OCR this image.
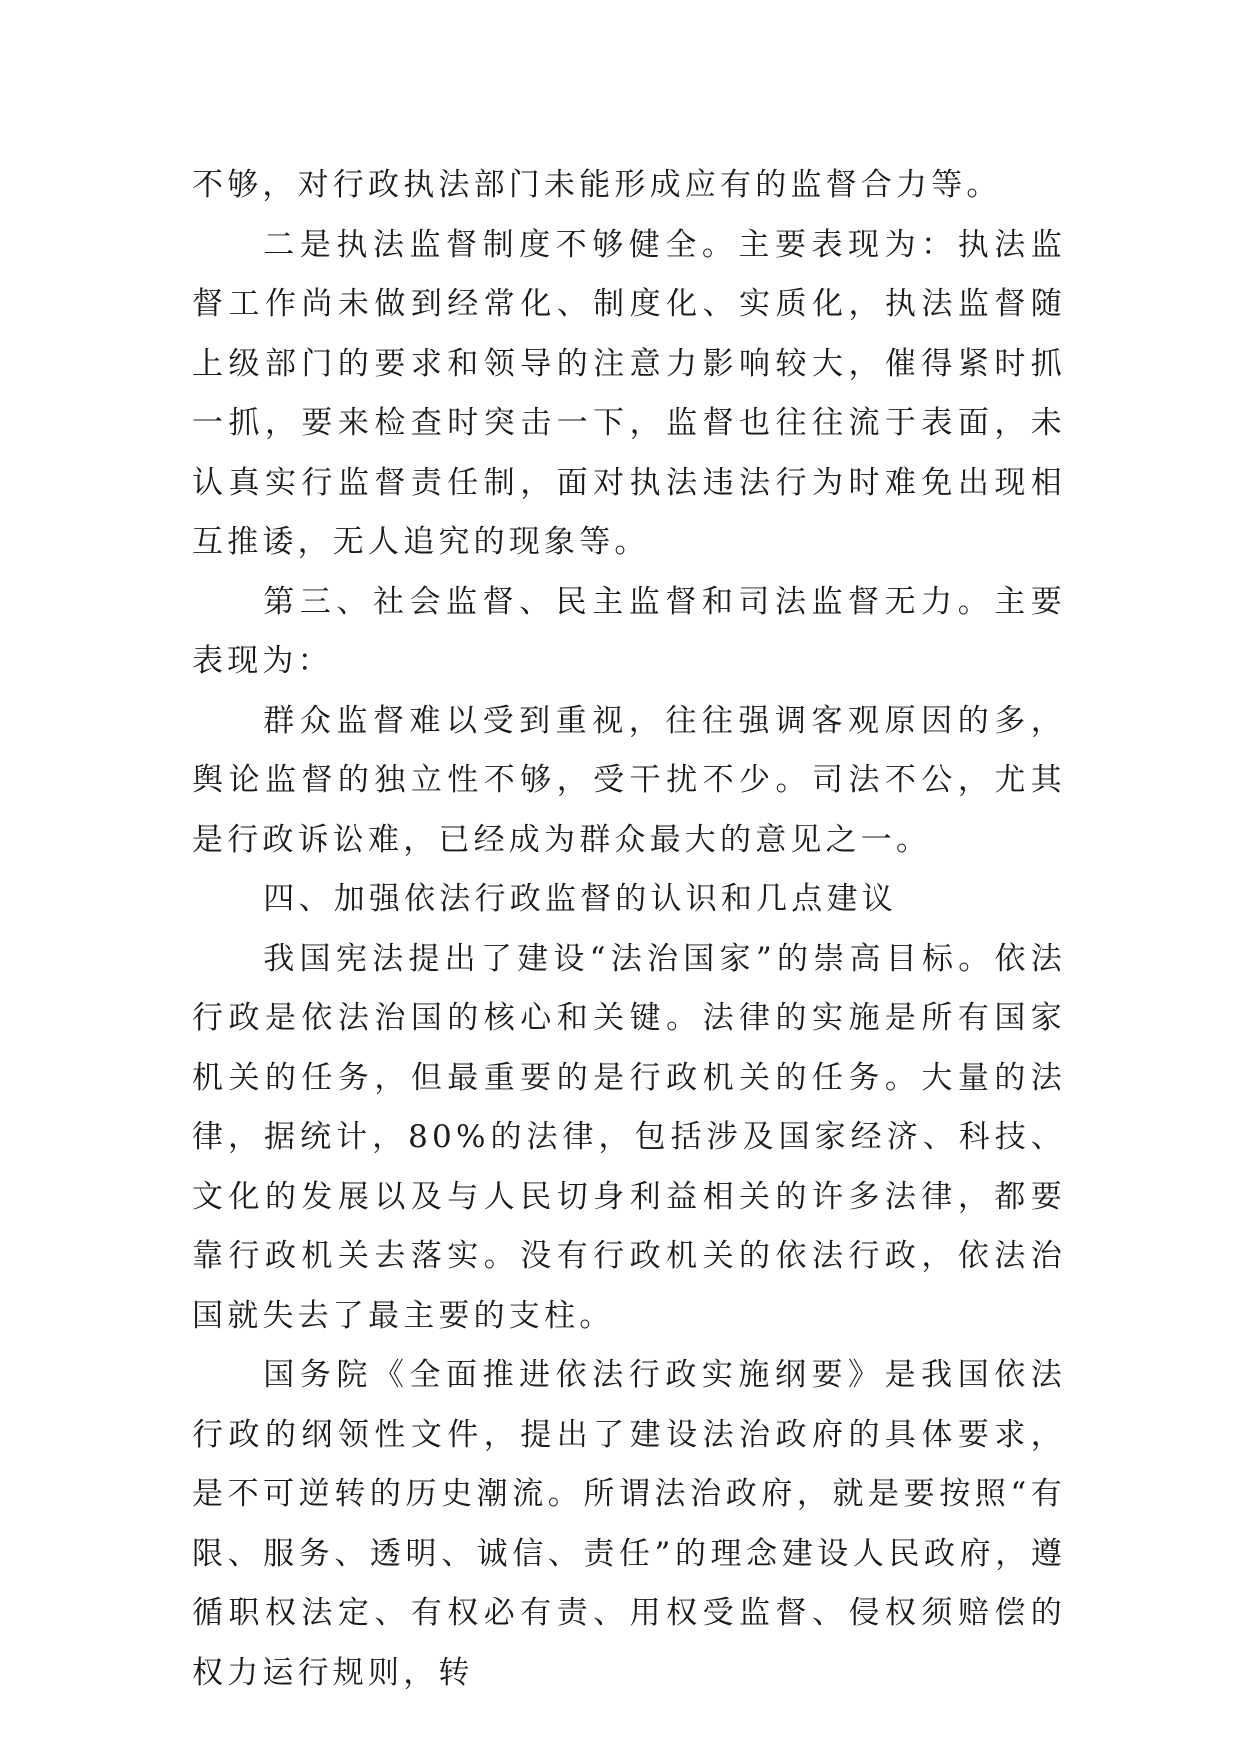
不够，对行政执法部门未能形成应有的监督合力等。

二是执法监督制度不够健全。主要表现为：执法监督工作尚未做到经常化、制度化、实质化，执法监督随上级部门的要求和领导的注意力影响较大，催得紧时抓一抓，要来检查时突击一下，监督也往往流于表面，未认真实行监督责任制，面对执法违法行为时难免出现相互推诿，无人追究的现象等。

第三、社会监督、民主监督和司法监督无力。主要表现为：

群众监督难以受到重视，往往强调客观原因的多，舆论监督的独立性不够，受干扰不少。司法不公，尤其是行政诉讼难，已经成为群众最大的意见之一。

四、加强依法行政监督的认识和几点建议

我国宪法提出了建设“法治国家”的崇高目标。依法行政是依法治国的核心和关键。法律的实施是所有国家机关的任务，但最重要的是行政机关的任务。大量的法律，据统计，80%的法律，包括涉及国家经济、科技、文化的发展以及与人民切身利益相关的许多法律，都要靠行政机关去落实。没有行政机关的依法行政，依法治国就失去了最主要的支柱。

国务院《全面推进依法行政实施纲要》是我国依法行政的纲领性文件，提出了建设法治政府的具体要求，是不可逆转的历史潮流。所谓法治政府，就是要按照“有限、服务、透明、诚信、责任”的理念建设人民政府，遵循职权法定、有权必有责、用权受监督、侵权须赔偿的权力运行规则，转
